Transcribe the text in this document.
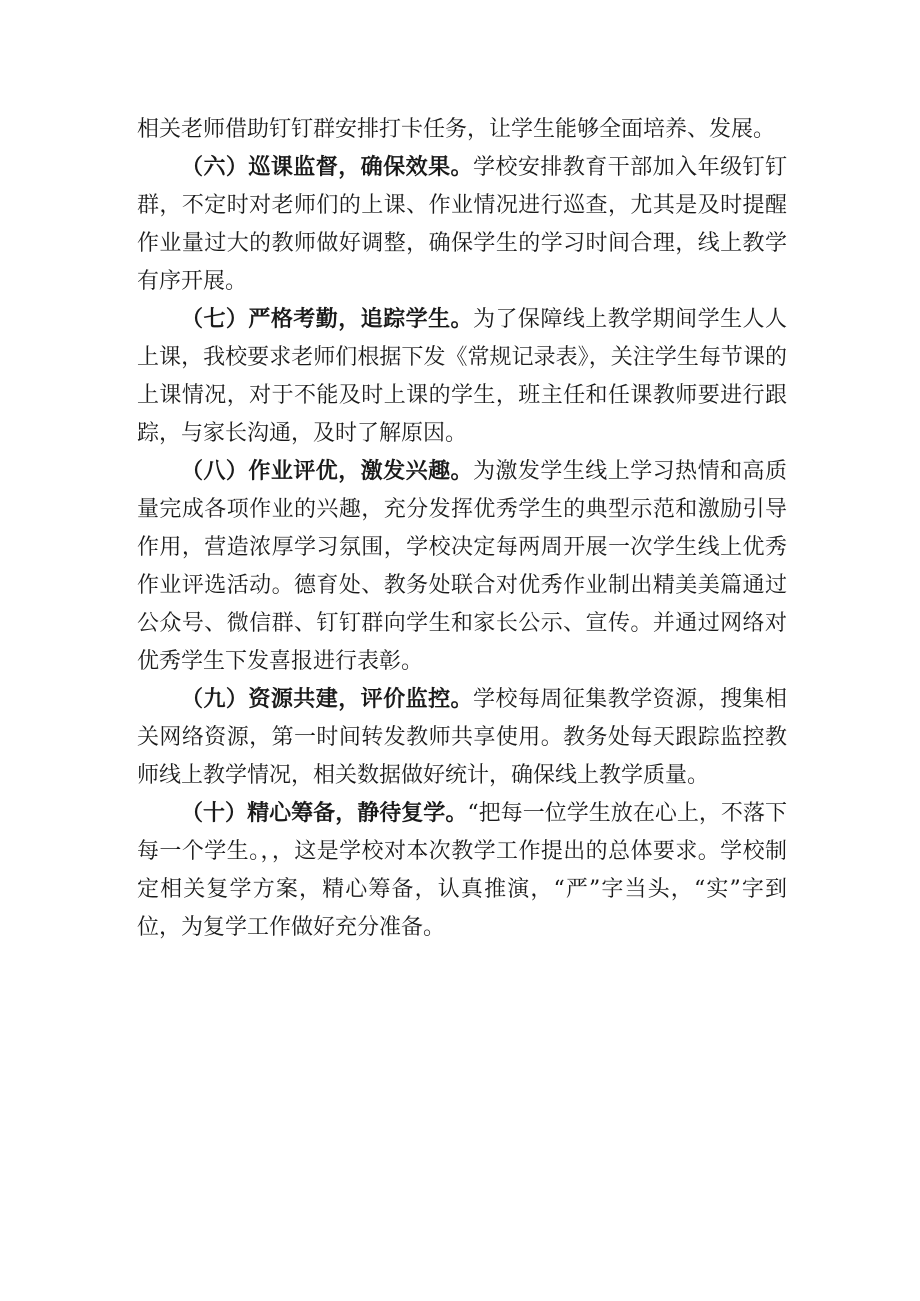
相关老师借助钉钉群安排打卡任务，让学生能够全面培养、发展。

（六）巡课监督，确保效果。学校安排教育干部加入年级钉钉群，不定时对老师们的上课、作业情况进行巡查，尤其是及时提醒作业量过大的教师做好调整，确保学生的学习时间合理，线上教学有序开展。

（七）严格考勤，追踪学生。为了保障线上教学期间学生人人上课，我校要求老师们根据下发《常规记录表》，关注学生每节课的上课情况，对于不能及时上课的学生，班主任和任课教师要进行跟踪，与家长沟通，及时了解原因。

（八）作业评优，激发兴趣。为激发学生线上学习热情和高质量完成各项作业的兴趣，充分发挥优秀学生的典型示范和激励引导作用，营造浓厚学习氛围，学校决定每两周开展一次学生线上优秀作业评选活动。德育处、教务处联合对优秀作业制出精美美篇通过公众号、微信群、钉钉群向学生和家长公示、宣传。并通过网络对优秀学生下发喜报进行表彰。

（九）资源共建，评价监控。学校每周征集教学资源，搜集相关网络资源，第一时间转发教师共享使用。教务处每天跟踪监控教师线上教学情况，相关数据做好统计，确保线上教学质量。

（十）精心筹备，静待复学。“把每一位学生放在心上，不落下每一个学生。，，这是学校对本次教学工作提出的总体要求。学校制定相关复学方案，精心筹备，认真推演，“严”字当头，“实”字到位，为复学工作做好充分准备。
